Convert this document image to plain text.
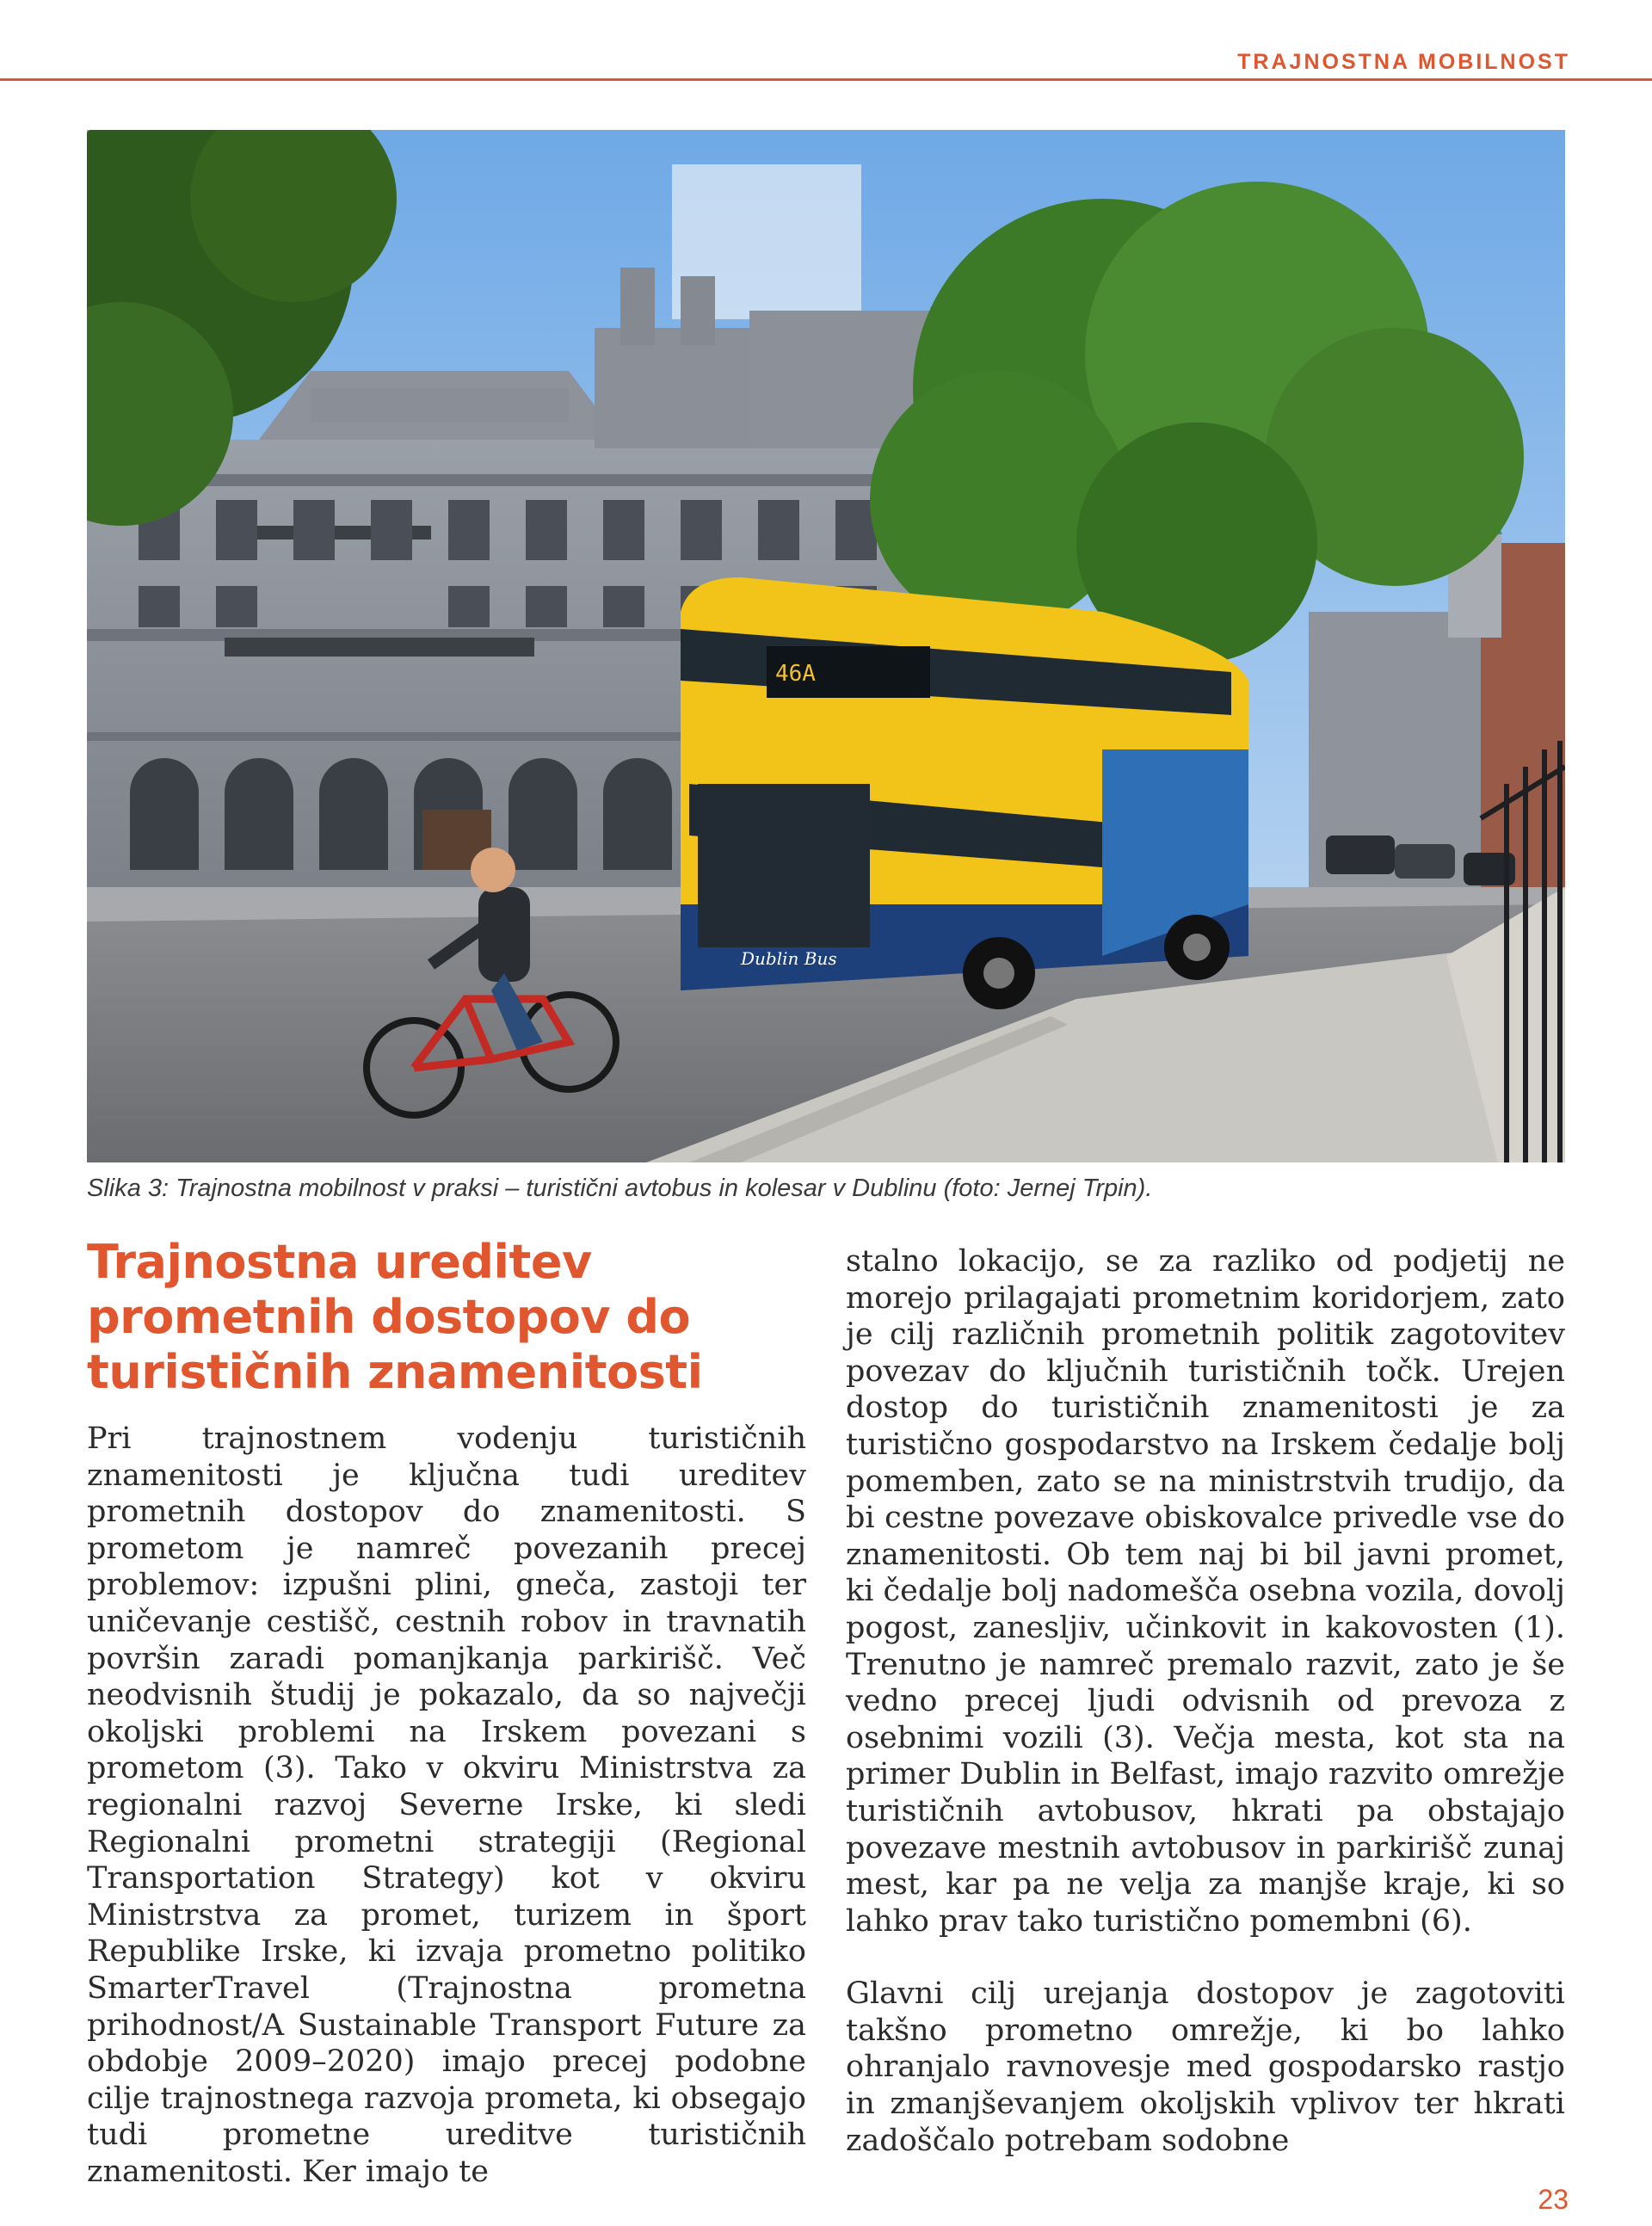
TRAJNOSTNA MOBILNOST
46A
Dublin Bus
Slika 3: Trajnostna mobilnost v praksi – turistični avtobus in kolesar v Dublinu (foto: Jernej Trpin).
Trajnostna ureditev prometnih dostopov do turističnih znamenitosti

Pri trajnostnem vodenju turističnih znamenitosti je ključna tudi ureditev prometnih dostopov do znamenitosti. S prometom je namreč povezanih precej problemov: izpušni plini, gneča, zastoji ter uničevanje cestišč, cestnih robov in travnatih površin zaradi pomanjkanja parkirišč. Več neodvisnih študij je pokazalo, da so največji okoljski problemi na Irskem povezani s prometom (3). Tako v okviru Ministrstva za regionalni razvoj Severne Irske, ki sledi Regionalni prometni strategiji (Regional Transportation Strategy) kot v okviru Ministrstva za promet, turizem in šport Republike Irske, ki izvaja prometno politiko SmarterTravel (Trajnostna prometna prihodnost/A Sustainable Transport Future za obdobje 2009–2020) imajo precej podobne cilje trajnostnega razvoja prometa, ki obsegajo tudi prometne ureditve turističnih znamenitosti. Ker imajo te

stalno lokacijo, se za razliko od podjetij ne morejo prilagajati prometnim koridorjem, zato je cilj različnih prometnih politik zagotovitev povezav do ključnih turističnih točk. Urejen dostop do turističnih znamenitosti je za turistično gospodarstvo na Irskem čedalje bolj pomemben, zato se na ministrstvih trudijo, da bi cestne povezave obiskovalce privedle vse do znamenitosti. Ob tem naj bi bil javni promet, ki čedalje bolj nadomešča osebna vozila, dovolj pogost, zanesljiv, učinkovit in kakovosten (1). Trenutno je namreč premalo razvit, zato je še vedno precej ljudi odvisnih od prevoza z osebnimi vozili (3). Večja mesta, kot sta na primer Dublin in Belfast, imajo razvito omrežje turističnih avtobusov, hkrati pa obstajajo povezave mestnih avtobusov in parkirišč zunaj mest, kar pa ne velja za manjše kraje, ki so lahko prav tako turistično pomembni (6).

Glavni cilj urejanja dostopov je zagotoviti takšno prometno omrežje, ki bo lahko ohranjalo ravnovesje med gospodarsko rastjo in zmanjševanjem okoljskih vplivov ter hkrati zadoščalo potrebam sodobne

23
